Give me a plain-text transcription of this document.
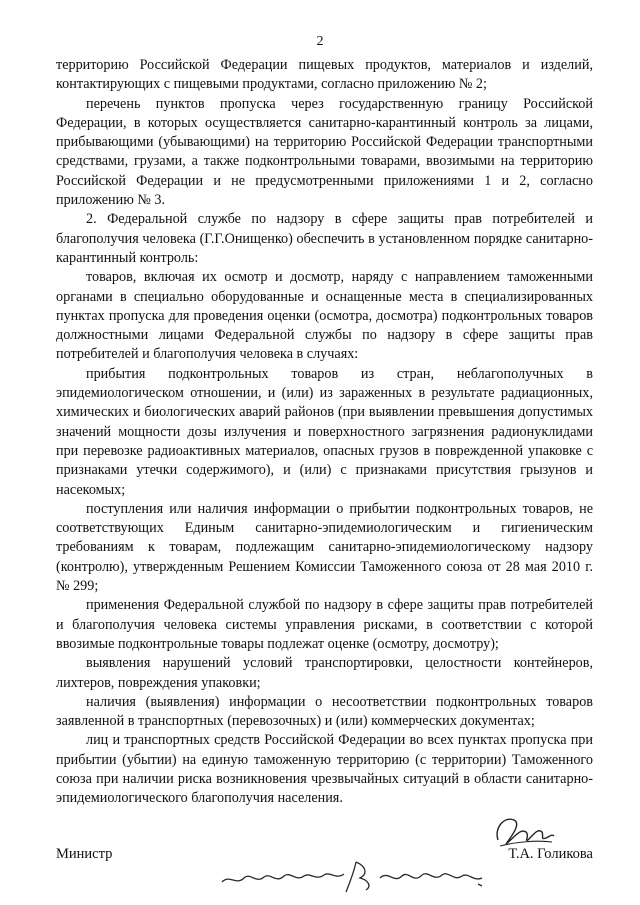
2

территорию Российской Федерации пищевых продуктов, материалов и изделий, контактирующих с пищевыми продуктами, согласно приложению № 2;

перечень пунктов пропуска через государственную границу Российской Федерации, в которых осуществляется санитарно-карантинный контроль за лицами, прибывающими (убывающими) на территорию Российской Федерации транспортными средствами, грузами, а также подконтрольными товарами, ввозимыми на территорию Российской Федерации и не предусмотренными приложениями 1 и 2, согласно приложению № 3.

2. Федеральной службе по надзору в сфере защиты прав потребителей и благополучия человека (Г.Г.Онищенко) обеспечить в установленном порядке санитарно-карантинный контроль:

товаров, включая их осмотр и досмотр, наряду с направлением таможенными органами в специально оборудованные и оснащенные места в специализированных пунктах пропуска для проведения оценки (осмотра, досмотра) подконтрольных товаров должностными лицами Федеральной службы по надзору в сфере защиты прав потребителей и благополучия человека в случаях:

прибытия подконтрольных товаров из стран, неблагополучных в эпидемиологическом отношении, и (или) из зараженных в результате радиационных, химических и биологических аварий районов (при выявлении превышения допустимых значений мощности дозы излучения и поверхностного загрязнения радионуклидами при перевозке радиоактивных материалов, опасных грузов в поврежденной упаковке с признаками утечки содержимого), и (или) с признаками присутствия грызунов и насекомых;

поступления или наличия информации о прибытии подконтрольных товаров, не соответствующих Единым санитарно-эпидемиологическим и гигиеническим требованиям к товарам, подлежащим санитарно-эпидемиологическому надзору (контролю), утвержденным Решением Комиссии Таможенного союза от 28 мая 2010 г. № 299;

применения Федеральной службой по надзору в сфере защиты прав потребителей и благополучия человека системы управления рисками, в соответствии с которой ввозимые подконтрольные товары подлежат оценке (осмотру, досмотру);

выявления нарушений условий транспортировки, целостности контейнеров, лихтеров, повреждения упаковки;

наличия (выявления) информации о несоответствии подконтрольных товаров заявленной в транспортных (перевозочных) и (или) коммерческих документах;

лиц и транспортных средств Российской Федерации во всех пунктах пропуска при прибытии (убытии) на единую таможенную территорию (с территории) Таможенного союза при наличии риска возникновения чрезвычайных ситуаций в области санитарно-эпидемиологического благополучия населения.

Министр	Т.А. Голикова
